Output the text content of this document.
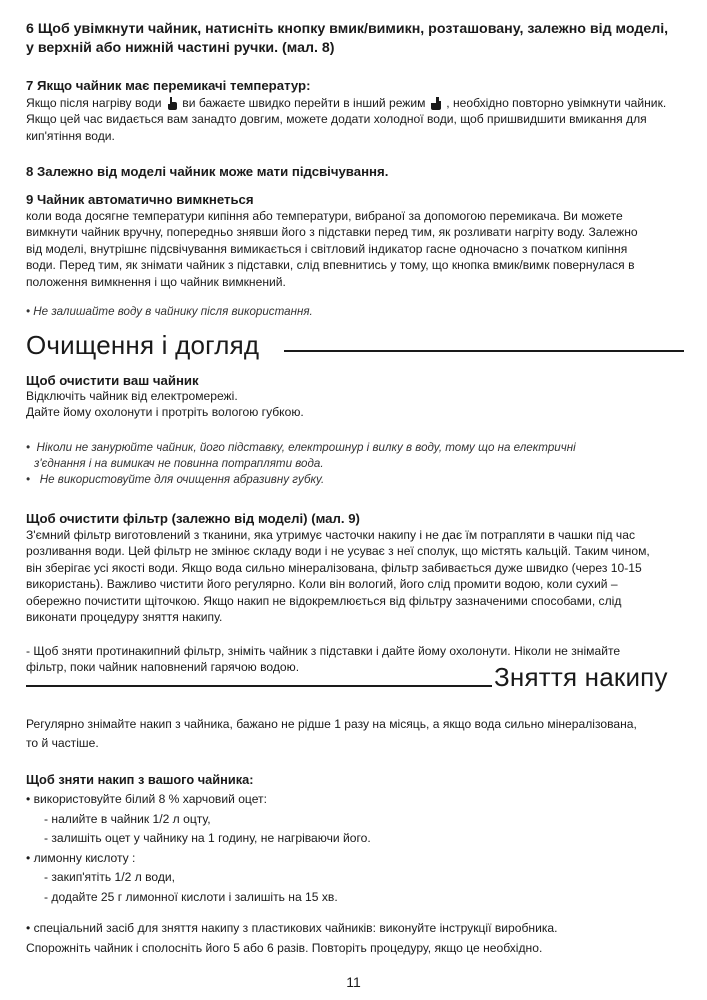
6 Щоб увімкнути чайник, натисніть кнопку вмик/вимикн, розташовану, залежно від моделі,
у верхній або нижній частині ручки. (мал. 8)
7 Якщо чайник має перемикачі температур:
Якщо після нагріву води ви бажаєте швидко перейти в інший режим , необхідно повторно увімкнути чайник.
Якщо цей час видається вам занадто довгим, можете додати холодної води, щоб пришвидшити вмикання для
кип'ятіння води.
8 Залежно від моделі чайник може мати підсвічування.
9 Чайник автоматично вимкнеться
коли вода досягне температури кипіння або температури, вибраної за допомогою перемикача. Ви можете
вимкнути чайник вручну, попередньо знявши його з підставки перед тим, як розливати нагріту воду. Залежно
від моделі, внутрішнє підсвічування вимикається і світловий індикатор гасне одночасно з початком кипіння
води. Перед тим, як знімати чайник з підставки, слід впевнитись у тому, що кнопка вмик/вимк повернулася в
положення вимкнення і що чайник вимкнений.
• Не залишайте воду в чайнику після використання.
Очищення і догляд
Щоб очистити ваш чайник
Відключіть чайник від електромережі.
Дайте йому охолонути і протріть вологою губкою.
• Ніколи не занурюйте чайник, його підставку, електрошнур і вилку в воду, тому що на електричні
з'єднання і на вимикач не повинна потрапляти вода.
• Не використовуйте для очищення абразивну губку.
Щоб очистити фільтр (залежно від моделі) (мал. 9)
З'ємний фільтр виготовлений з тканини, яка утримує часточки накипу і не дає їм потрапляти в чашки під час
розливання води. Цей фільтр не змінює складу води і не усуває з неї сполук, що містять кальцій. Таким чином,
він зберігає усі якості води. Якщо вода сильно мінералізована, фільтр забивається дуже швидко (через 10-15
використань). Важливо чистити його регулярно. Коли він вологий, його слід промити водою, коли сухий –
обережно почистити щіточкою. Якщо накип не відокремлюється від фільтру зазначеними способами, слід
виконати процедуру зняття накипу.
- Щоб зняти протинакипний фільтр, зніміть чайник з підставки і дайте йому охолонути. Ніколи не знімайте
фільтр, поки чайник наповнений гарячою водою.	Зняття накипу
Регулярно знімайте накип з чайника, бажано не рідше 1 разу на місяць, а якщо вода сильно мінералізована,
то й частіше.
Щоб зняти накип з вашого чайника:
• використовуйте білий 8 % харчовий оцет:
- налийте в чайник 1/2 л оцту,
- залишіть оцет у чайнику на 1 годину, не нагріваючи його.
• лимонну кислоту :
- закип'ятіть 1/2 л води,
- додайте 25 г лимонної кислоти і залишіть на 15 хв.
• спеціальний засіб для зняття накипу з пластикових чайників: виконуйте інструкції виробника.
Спорожніть чайник і сполосніть його 5 або 6 разів. Повторіть процедуру, якщо це необхідно.
11
